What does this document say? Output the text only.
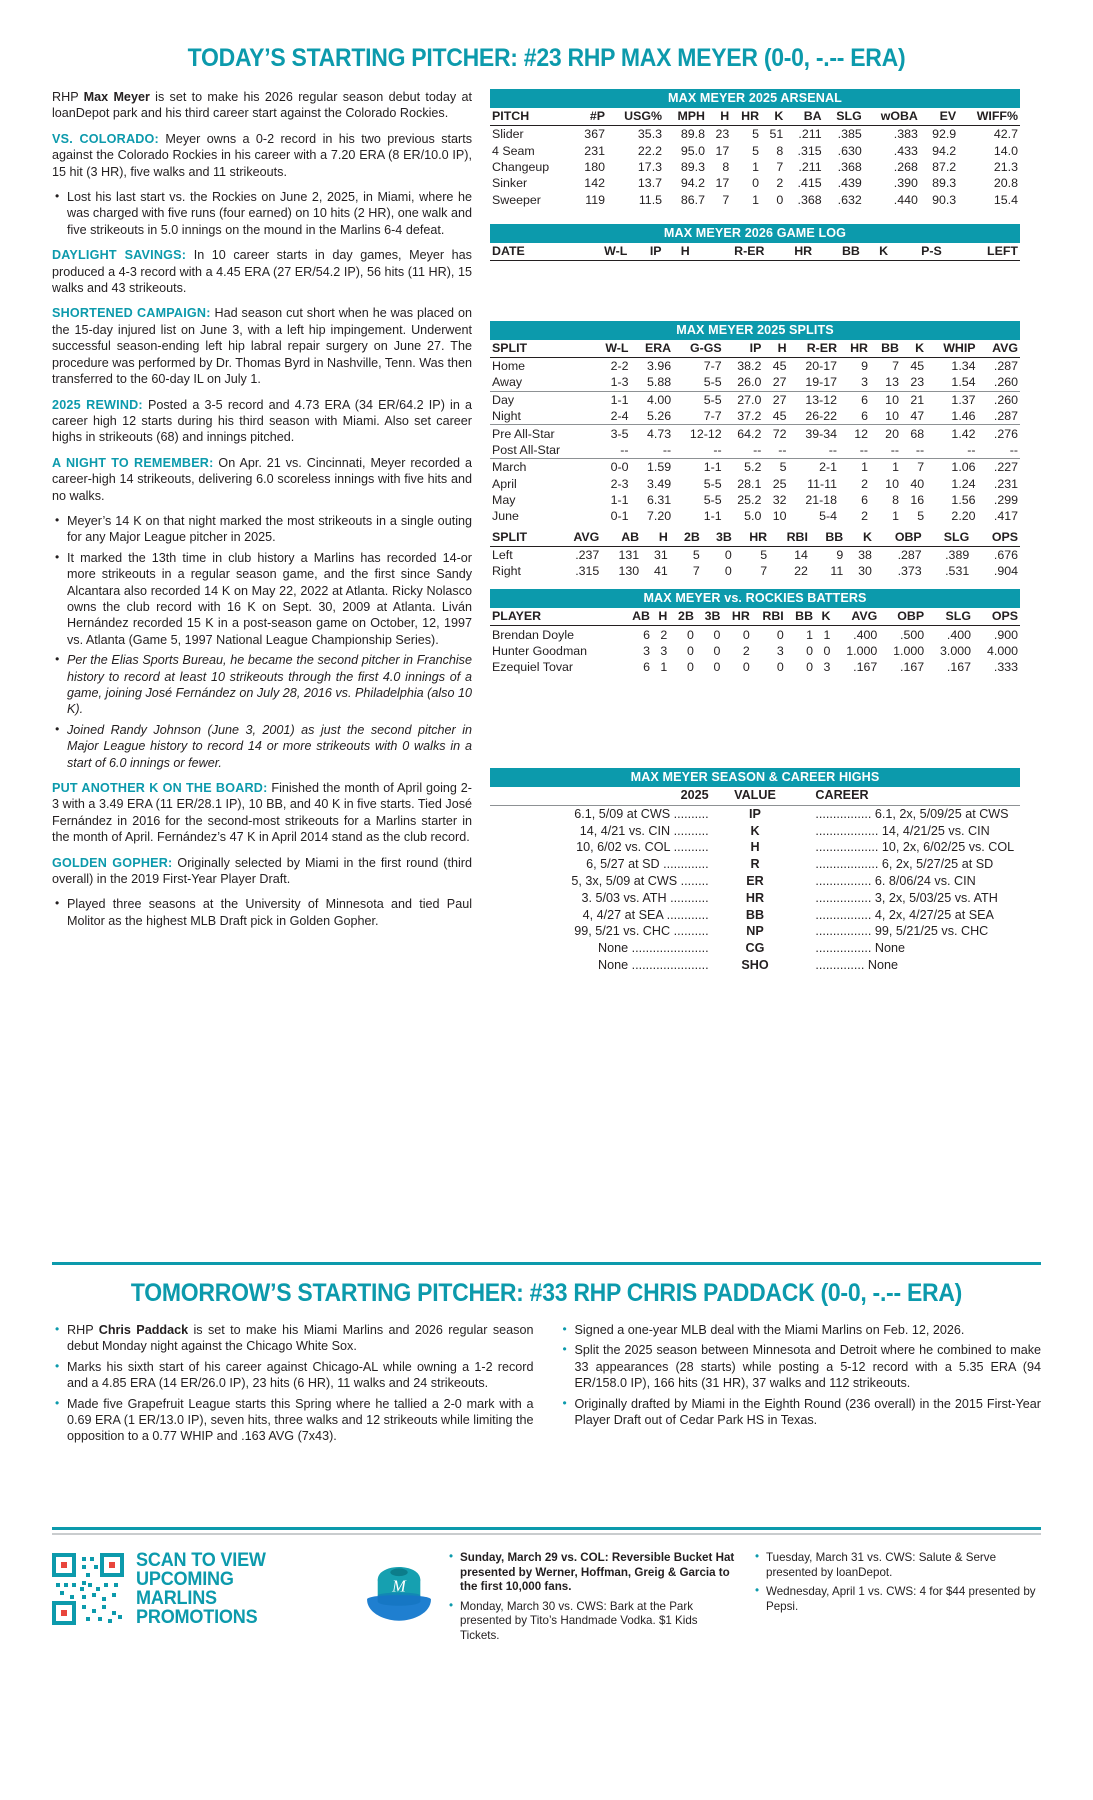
TODAY’S STARTING PITCHER: #23 RHP MAX MEYER (0-0, -.-- ERA)

RHP Max Meyer is set to make his 2026 regular season debut today at loanDepot park and his third career start against the Colorado Rockies.

VS. COLORADO: Meyer owns a 0-2 record in his two previous starts against the Colorado Rockies in his career with a 7.20 ERA (8 ER/10.0 IP), 15 hit (3 HR), five walks and 11 strikeouts.

• Lost his last start vs. the Rockies on June 2, 2025, in Miami, where he was charged with five runs (four earned) on 10 hits (2 HR), one walk and five strikeouts in 5.0 innings on the mound in the Marlins 6-4 defeat.

DAYLIGHT SAVINGS: In 10 career starts in day games, Meyer has produced a 4-3 record with a 4.45 ERA (27 ER/54.2 IP), 56 hits (11 HR), 15 walks and 43 strikeouts.

SHORTENED CAMPAIGN: Had season cut short when he was placed on the 15-day injured list on June 3, with a left hip impingement. Underwent successful season-ending left hip labral repair surgery on June 27. The procedure was performed by Dr. Thomas Byrd in Nashville, Tenn. Was then transferred to the 60-day IL on July 1.

2025 REWIND: Posted a 3-5 record and 4.73 ERA (34 ER/64.2 IP) in a career high 12 starts during his third season with Miami. Also set career highs in strikeouts (68) and innings pitched.

A NIGHT TO REMEMBER: On Apr. 21 vs. Cincinnati, Meyer recorded a career-high 14 strikeouts, delivering 6.0 scoreless innings with five hits and no walks.

• Meyer’s 14 K on that night marked the most strikeouts in a single outing for any Major League pitcher in 2025.
• It marked the 13th time in club history a Marlins has recorded 14-or more strikeouts in a regular season game, and the first since Sandy Alcantara also recorded 14 K on May 22, 2022 at Atlanta. Ricky Nolasco owns the club record with 16 K on Sept. 30, 2009 at Atlanta. Liván Hernández recorded 15 K in a post-season game on October, 12, 1997 vs. Atlanta (Game 5, 1997 National League Championship Series).
• Per the Elias Sports Bureau, he became the second pitcher in Franchise history to record at least 10 strikeouts through the first 4.0 innings of a game, joining José Fernández on July 28, 2016 vs. Philadelphia (also 10 K).
• Joined Randy Johnson (June 3, 2001) as just the second pitcher in Major League history to record 14 or more strikeouts with 0 walks in a start of 6.0 innings or fewer.

PUT ANOTHER K ON THE BOARD: Finished the month of April going 2-3 with a 3.49 ERA (11 ER/28.1 IP), 10 BB, and 40 K in five starts. Tied José Fernández in 2016 for the second-most strikeouts for a Marlins starter in the month of April. Fernández’s 47 K in April 2014 stand as the club record.

GOLDEN GOPHER: Originally selected by Miami in the first round (third overall) in the 2019 First-Year Player Draft.

• Played three seasons at the University of Minnesota and tied Paul Molitor as the highest MLB Draft pick in Golden Gopher.
MAX MEYER 2025 ARSENAL
PITCH	#P	USG%	MPH	H	HR	K	BA	SLG	wOBA	EV	WIFF%
Slider	367	35.3	89.8	23	5	51	.211	.385	.383	92.9	42.7
4 Seam	231	22.2	95.0	17	5	8	.315	.630	.433	94.2	14.0
Changeup	180	17.3	89.3	8	1	7	.211	.368	.268	87.2	21.3
Sinker	142	13.7	94.2	17	0	2	.415	.439	.390	89.3	20.8
Sweeper	119	11.5	86.7	7	1	0	.368	.632	.440	90.3	15.4
MAX MEYER 2026 GAME LOG
DATE	W-L	IP	H	R-ER	HR	BB	K	P-S	LEFT
MAX MEYER 2025 SPLITS
SPLIT	W-L	ERA	G-GS	IP	H	R-ER	HR	BB	K	WHIP	AVG
Home	2-2	3.96	7-7	38.2	45	20-17	9	7	45	1.34	.287
Away	1-3	5.88	5-5	26.0	27	19-17	3	13	23	1.54	.260
Day	1-1	4.00	5-5	27.0	27	13-12	6	10	21	1.37	.260
Night	2-4	5.26	7-7	37.2	45	26-22	6	10	47	1.46	.287
Pre All-Star	3-5	4.73	12-12	64.2	72	39-34	12	20	68	1.42	.276
Post All-Star	--	--	--	--	--	--	--	--	--	--	--
March	0-0	1.59	1-1	5.2	5	2-1	1	1	7	1.06	.227
April	2-3	3.49	5-5	28.1	25	11-11	2	10	40	1.24	.231
May	1-1	6.31	5-5	25.2	32	21-18	6	8	16	1.56	.299
June	0-1	7.20	1-1	5.0	10	5-4	2	1	5	2.20	.417
SPLIT	AVG	AB	H	2B	3B	HR	RBI	BB	K	OBP	SLG	OPS
Left	.237	131	31	5	0	5	14	9	38	.287	.389	.676
Right	.315	130	41	7	0	7	22	11	30	.373	.531	.904
MAX MEYER vs. ROCKIES BATTERS
PLAYER	AB	H	2B	3B	HR	RBI	BB	K	AVG	OBP	SLG	OPS
Brendan Doyle	6	2	0	0	0	0	1	1	.400	.500	.400	.900
Hunter Goodman	3	3	0	0	2	3	0	0	1.000	1.000	3.000	4.000
Ezequiel Tovar	6	1	0	0	0	0	0	3	.167	.167	.167	.333
MAX MEYER SEASON & CAREER HIGHS
2025	VALUE	CAREER
6.1, 5/09 at CWS ..........	IP	................ 6.1, 2x, 5/09/25 at CWS
14, 4/21 vs. CIN ..........	K	.................. 14, 4/21/25 vs. CIN
10, 6/02 vs. COL ..........	H	.................. 10, 2x, 6/02/25 vs. COL
6, 5/27 at SD .............	R	.................. 6, 2x, 5/27/25 at SD
5, 3x, 5/09 at CWS ........	ER	................ 6. 8/06/24 vs. CIN
3. 5/03 vs. ATH ...........	HR	................ 3, 2x, 5/03/25 vs. ATH
4, 4/27 at SEA ............	BB	................ 4, 2x, 4/27/25 at SEA
99, 5/21 vs. CHC ..........	NP	................ 99, 5/21/25 vs. CHC
None ......................	CG	................ None
None ......................	SHO	.............. None
TOMORROW’S STARTING PITCHER: #33 RHP CHRIS PADDACK (0-0, -.-- ERA)
• RHP Chris Paddack is set to make his Miami Marlins and 2026 regular season debut Monday night against the Chicago White Sox.
• Marks his sixth start of his career against Chicago-AL while owning a 1-2 record and a 4.85 ERA (14 ER/26.0 IP), 23 hits (6 HR), 11 walks and 24 strikeouts.
• Made five Grapefruit League starts this Spring where he tallied a 2-0 mark with a 0.69 ERA (1 ER/13.0 IP), seven hits, three walks and 12 strikeouts while limiting the opposition to a 0.77 WHIP and .163 AVG (7x43).
• Signed a one-year MLB deal with the Miami Marlins on Feb. 12, 2026.
• Split the 2025 season between Minnesota and Detroit where he combined to make 33 appearances (28 starts) while posting a 5-12 record with a 5.35 ERA (94 ER/158.0 IP), 166 hits (31 HR), 37 walks and 112 strikeouts.
• Originally drafted by Miami in the Eighth Round (236 overall) in the 2015 First-Year Player Draft out of Cedar Park HS in Texas.
SCAN TO VIEW
UPCOMING
MARLINS
PROMOTIONS
M
• Sunday, March 29 vs. COL: Reversible Bucket Hat presented by Werner, Hoffman, Greig & Garcia to the first 10,000 fans.
• Monday, March 30 vs. CWS: Bark at the Park presented by Tito’s Handmade Vodka. $1 Kids Tickets.
• Tuesday, March 31 vs. CWS: Salute & Serve presented by loanDepot.
• Wednesday, April 1 vs. CWS: 4 for $44 presented by Pepsi.
